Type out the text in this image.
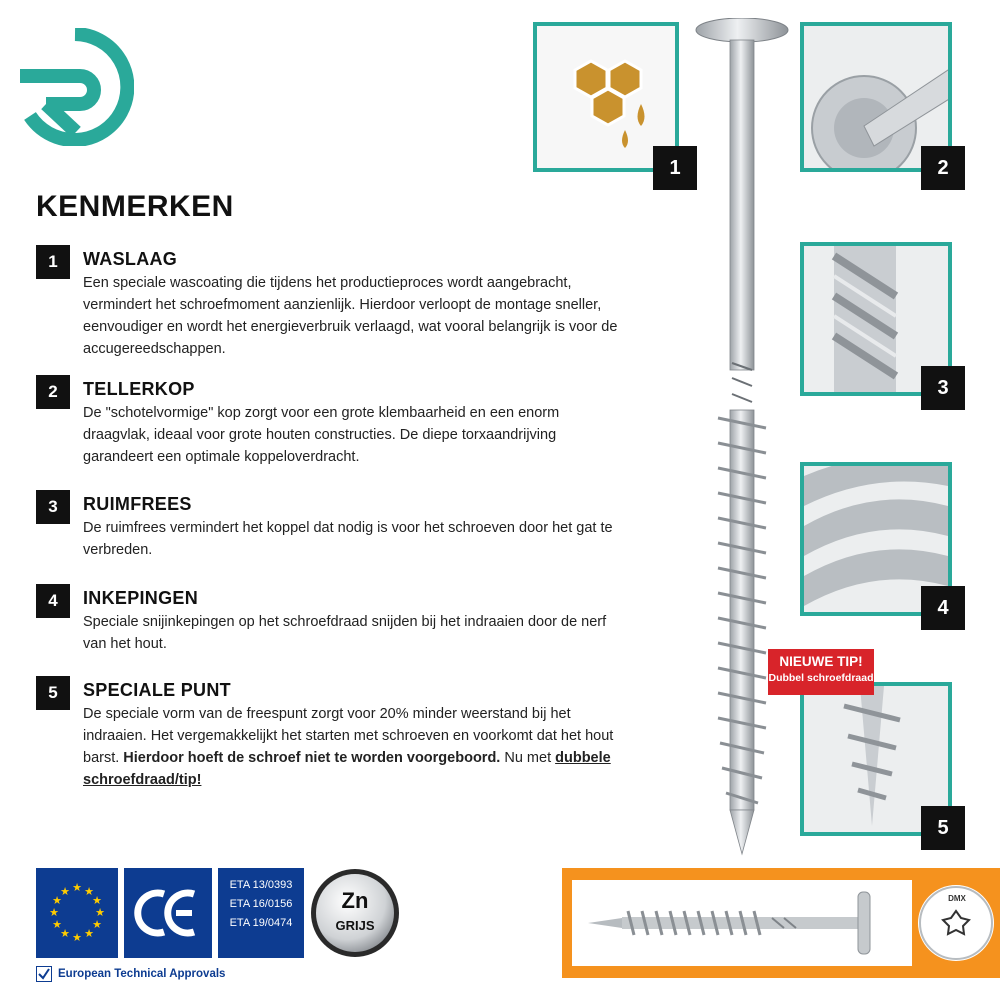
KENMERKEN
1	WASLAAG
Een speciale wascoating die tijdens het productieproces wordt aangebracht, vermindert het schroefmoment aanzienlijk. Hierdoor verloopt de montage sneller, eenvoudiger en wordt het energieverbruik verlaagd, wat vooral belangrijk is voor de accugereedschappen.
2	TELLERKOP
De "schotelvormige" kop zorgt voor een grote klembaarheid en een enorm draagvlak, ideaal voor grote houten constructies. De diepe torxaandrijving garandeert een optimale koppeloverdracht.
3	RUIMFREES
De ruimfrees vermindert het koppel dat nodig is voor het schroeven door het gat te verbreden.
4	INKEPINGEN
Speciale snijinkepingen op het schroefdraad snijden bij het indraaien door de nerf van het hout.
5	SPECIALE PUNT
De speciale vorm van de freespunt zorgt voor 20% minder weerstand bij het indraaien. Het vergemakkelijkt het starten met schroeven en voorkomt dat het hout barst. Hierdoor hoeft de schroef niet te worden voorgeboord. Nu met dubbele schroefdraad/tip!
1	2
3
4
5
NIEUWE TIP!
Dubbel schroefdraad
★ ★
★
★
★
★
★
★
★
★
★
★	ETA 13/0393
ETA 16/0156
ETA 19/0474
Zn
GRIJS
European Technical Approvals
DMX
